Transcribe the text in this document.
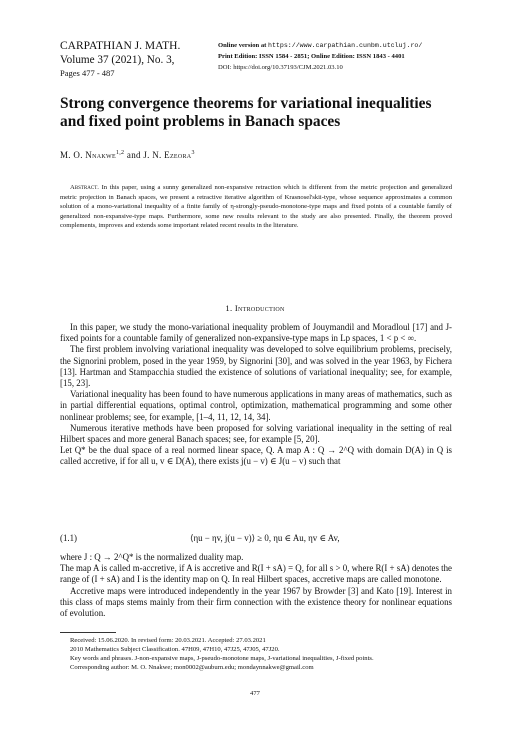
CARPATHIAN J. MATH.
Volume 37 (2021), No. 3,
Pages 477 - 487
Online version at https://www.carpathian.cunbm.utcluj.ro/
Print Edition: ISSN 1584 - 2851; Online Edition: ISSN 1843 - 4401
DOI: https://doi.org/10.37193/CJM.2021.03.10
Strong convergence theorems for variational inequalities
and fixed point problems in Banach spaces
M. O. Nnakwe$^{1,2}$ and J. N. Ezeora$^3$
Abstract. In this paper, using a sunny generalized non-expansive retraction which is different from the metric projection and generalized metric projection in Banach spaces, we present a retractive iterative algorithm of Krasnosel'skii-type, whose sequence approximates a common solution of a mono-variational inequality of a finite family of η-strongly-pseudo-monotone-type maps and fixed points of a countable family of generalized non-expansive-type maps. Furthermore, some new results relevant to the study are also presented. Finally, the theorem proved complements, improves and extends some important related recent results in the literature.
1. Introduction

In this paper, we study the mono-variational inequality problem of Jouymandil and Moradloul [17] and J-fixed points for a countable family of generalized non-expansive-type maps in Lp spaces, 1 < p < ∞.

The first problem involving variational inequality was developed to solve equilibrium problems, precisely, the Signorini problem, posed in the year 1959, by Signorini [30], and was solved in the year 1963, by Fichera [13]. Hartman and Stampacchia studied the existence of solutions of variational inequality; see, for example, [15, 23].

Variational inequality has been found to have numerous applications in many areas of mathematics, such as in partial differential equations, optimal control, optimization, mathematical programming and some other nonlinear problems; see, for example, [1–4, 11, 12, 14, 34].

Numerous iterative methods have been proposed for solving variational inequality in the setting of real Hilbert spaces and more general Banach spaces; see, for example [5, 20].

Let Q* be the dual space of a real normed linear space, Q. A map A : Q → 2^Q with domain D(A) in Q is called accretive, if for all u, v ∈ D(A), there exists j(u − v) ∈ J(u − v) such that

(1.1)	⟨ηu − ηv, j(u − v)⟩ ≥ 0, ηu ∈ Au, ηv ∈ Av,

where J : Q → 2^Q* is the normalized duality map.

The map A is called m-accretive, if A is accretive and R(I + sA) = Q, for all s > 0, where R(I + sA) denotes the range of (I + sA) and I is the identity map on Q. In real Hilbert spaces, accretive maps are called monotone.

Accretive maps were introduced independently in the year 1967 by Browder [3] and Kato [19]. Interest in this class of maps stems mainly from their firm connection with the existence theory for nonlinear equations of evolution.

Received: 15.06.2020. In revised form: 20.03.2021. Accepted: 27.03.2021
2010 Mathematics Subject Classification. 47H09, 47H10, 47J25, 47J05, 47J20.
Key words and phrases. J-non-expansive maps, J-pseudo-monotone maps, J-variational inequalities, J-fixed points.
Corresponding author: M. O. Nnakwe; mon0002@auburn.edu; mondaynnakwe@gmail.com
477
